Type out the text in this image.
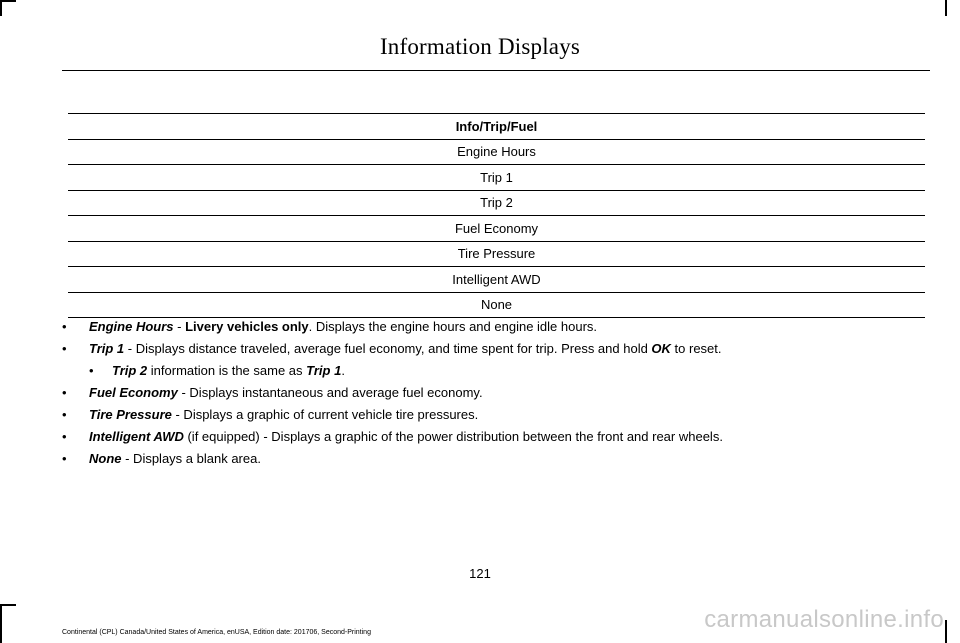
Information Displays
Info/Trip/Fuel
Engine Hours
Trip 1
Trip 2
Fuel Economy
Tire Pressure
Intelligent AWD
None
• Engine Hours - Livery vehicles only. Displays the engine hours and engine idle hours.
• Trip 1 - Displays distance traveled, average fuel economy, and time spent for trip. Press and hold OK to reset.
• Trip 2 information is the same as Trip 1.
• Fuel Economy - Displays instantaneous and average fuel economy.
• Tire Pressure - Displays a graphic of current vehicle tire pressures.
• Intelligent AWD (if equipped) - Displays a graphic of the power distribution between the front and rear wheels.
• None - Displays a blank area.
121
Continental (CPL) Canada/United States of America, enUSA, Edition date: 201706, Second-Printing	carmanualsonline.info
